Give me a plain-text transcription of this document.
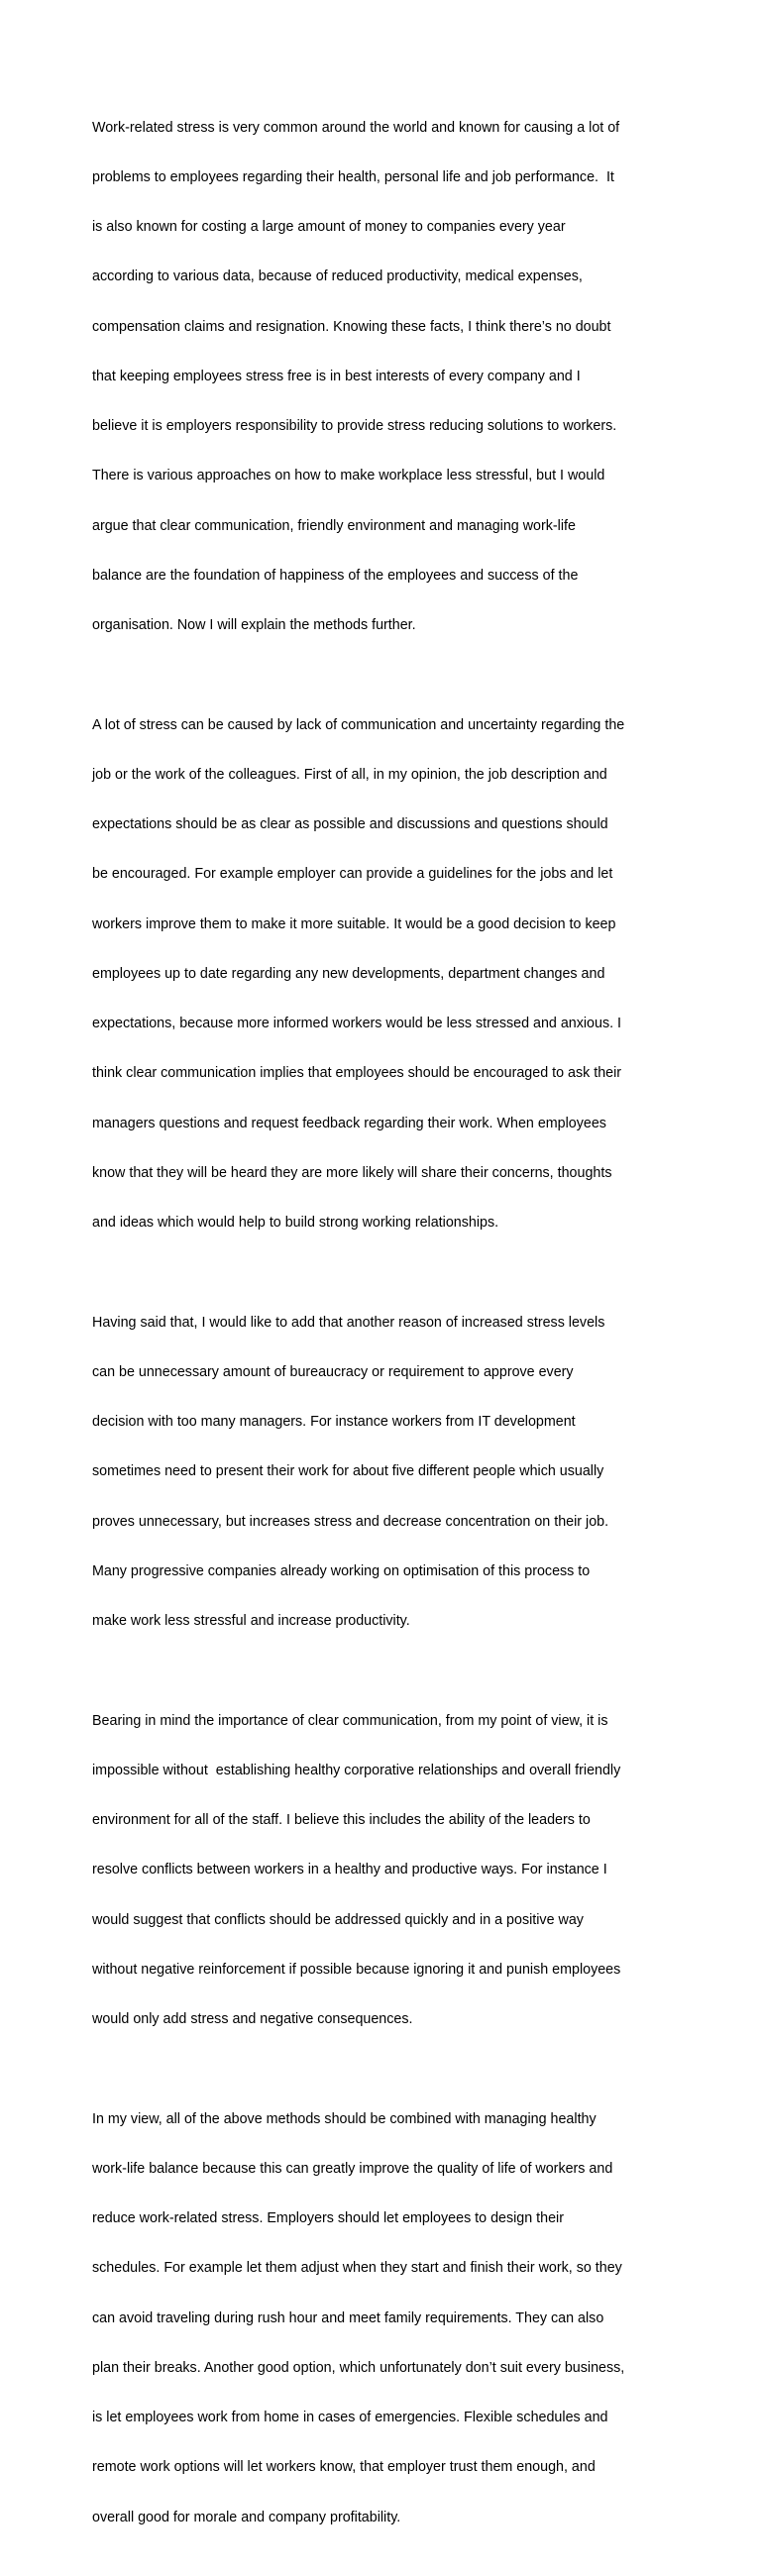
Work-related stress is very common around the world and known for causing a lot of

problems to employees regarding their health, personal life and job performance.  It

is also known for costing a large amount of money to companies every year

according to various data, because of reduced productivity, medical expenses,

compensation claims and resignation. Knowing these facts, I think there’s no doubt

that keeping employees stress free is in best interests of every company and I

believe it is employers responsibility to provide stress reducing solutions to workers.

There is various approaches on how to make workplace less stressful, but I would

argue that clear communication, friendly environment and managing work-life

balance are the foundation of happiness of the employees and success of the

organisation. Now I will explain the methods further.

A lot of stress can be caused by lack of communication and uncertainty regarding the

job or the work of the colleagues. First of all, in my opinion, the job description and

expectations should be as clear as possible and discussions and questions should

be encouraged. For example employer can provide a guidelines for the jobs and let

workers improve them to make it more suitable. It would be a good decision to keep

employees up to date regarding any new developments, department changes and

expectations, because more informed workers would be less stressed and anxious. I

think clear communication implies that employees should be encouraged to ask their

managers questions and request feedback regarding their work. When employees

know that they will be heard they are more likely will share their concerns, thoughts

and ideas which would help to build strong working relationships.

Having said that, I would like to add that another reason of increased stress levels

can be unnecessary amount of bureaucracy or requirement to approve every

decision with too many managers. For instance workers from IT development

sometimes need to present their work for about five different people which usually

proves unnecessary, but increases stress and decrease concentration on their job.

Many progressive companies already working on optimisation of this process to

make work less stressful and increase productivity.

Bearing in mind the importance of clear communication, from my point of view, it is

impossible without  establishing healthy corporative relationships and overall friendly

environment for all of the staff. I believe this includes the ability of the leaders to

resolve conflicts between workers in a healthy and productive ways. For instance I

would suggest that conflicts should be addressed quickly and in a positive way

without negative reinforcement if possible because ignoring it and punish employees

would only add stress and negative consequences.

In my view, all of the above methods should be combined with managing healthy

work-life balance because this can greatly improve the quality of life of workers and

reduce work-related stress. Employers should let employees to design their

schedules. For example let them adjust when they start and finish their work, so they

can avoid traveling during rush hour and meet family requirements. They can also

plan their breaks. Another good option, which unfortunately don’t suit every business,

is let employees work from home in cases of emergencies. Flexible schedules and

remote work options will let workers know, that employer trust them enough, and

overall good for morale and company profitability.
